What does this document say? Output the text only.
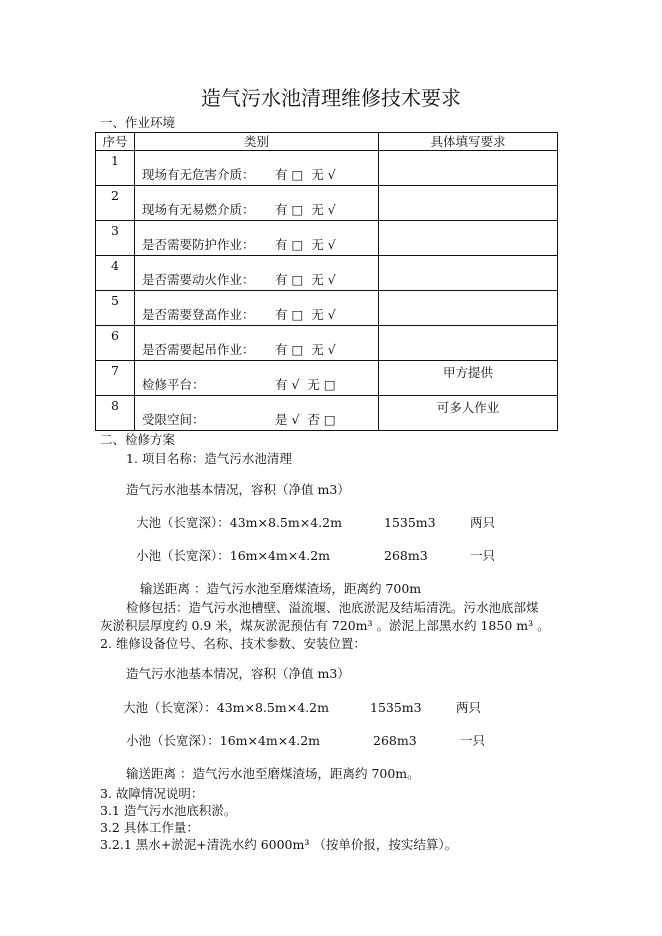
造气污水池清理维修技术要求
一、作业环境
序号	类别	具体填写要求

1	现场有无危害介质： 有 □  无 √	

2	现场有无易燃介质： 有 □  无 √	

3	是否需要防护作业： 有 □  无 √	

4	是否需要动火作业： 有 □  无 √	

5	是否需要登高作业： 有 □  无 √	

6	是否需要起吊作业： 有 □  无 √	

7	检修平台： 有 √  无 □	甲方提供

8	受限空间： 是 √  否 □	可多人作业
二、检修方案
1. 项目名称：造气污水池清理
造气污水池基本情况，容积（净值 m3）
大池（长宽深）：43m×8.5m×4.2m	1535m3	两只
小池（长宽深）：16m×4m×4.2m	268m3	一只
输送距离 ：造气污水池至磨煤渣场，距离约 700m
检修包括：造气污水池槽壁、溢流堰、池底淤泥及结垢清洗。污水池底部煤
灰淤积层厚度约 0.9 米，煤灰淤泥预估有 720m³ 。淤泥上部黑水约 1850 m³ 。
2. 维修设备位号、名称、技术参数、安装位置：
造气污水池基本情况，容积（净值 m3）
大池（长宽深）：43m×8.5m×4.2m	1535m3	两只
小池（长宽深）：16m×4m×4.2m	268m3	一只
输送距离 ：造气污水池至磨煤渣场，距离约 700m。
3. 故障情况说明：
3.1 造气污水池底积淤。
3.2 具体工作量：
3.2.1 黑水+淤泥+清洗水约 6000m³ （按单价报，按实结算）。
